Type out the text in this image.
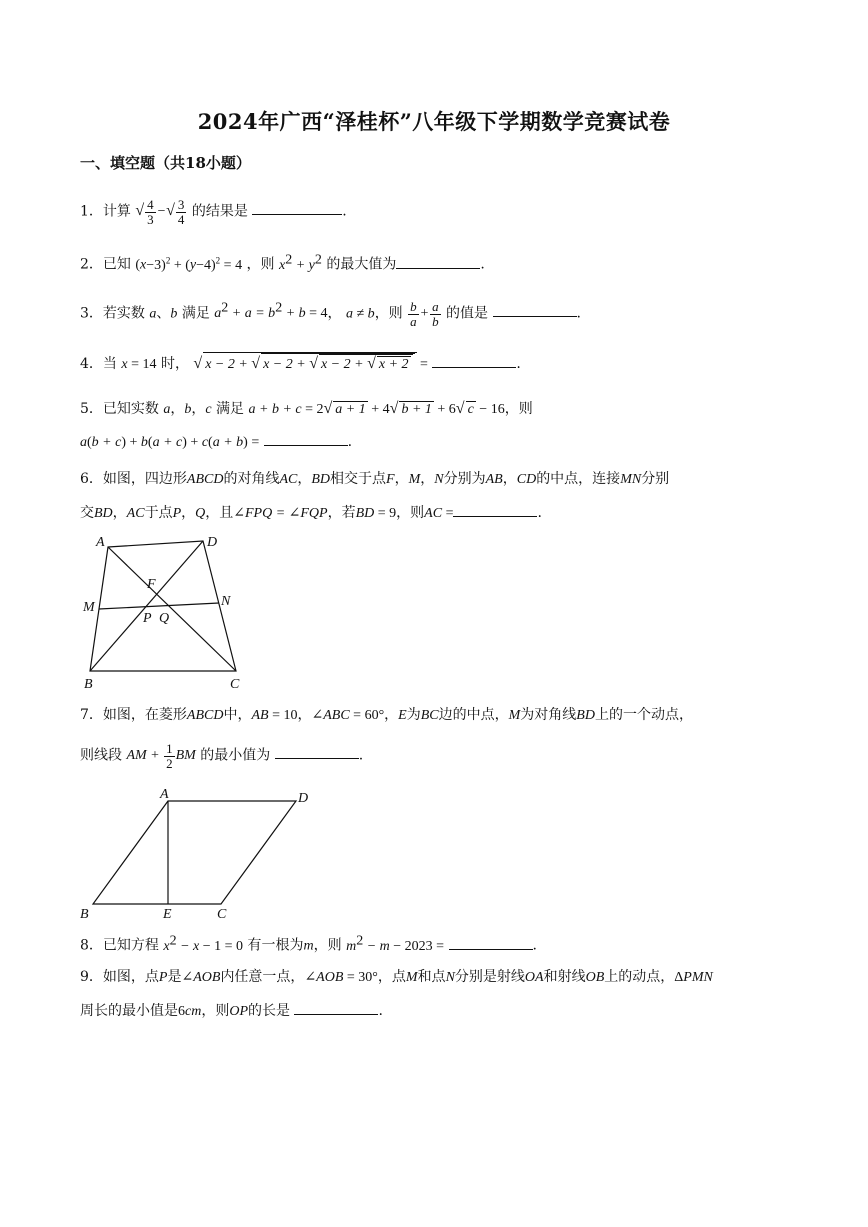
2024年广西“泽桂杯”八年级下学期数学竞赛试卷
一、填空题（共18小题）
1．计算 √ $\frac{4}{3}$ −√ $\frac{3}{4}$ 的结果是	.
2．已知 $(x-3)^2 + (y-4)^2 = 4$ ，则 $x^2 + y^2$ 的最大值为	.
3．若实数 a、b 满足 $a^2 + a = b^2 + b = 4$， a ≠ b，则 $\frac{b}{a} + \frac{a}{b}$ 的值是	.
4．当 x = 14 时， √ x − 2 + √ x − 2 + √ x − 2 + √ x + 2 =	.
5．已知实数 a，b，c 满足 a + b + c = 2√ a + 1 + 4√ b + 1 + 6√ c − 16，则
a(b + c) + b(a + c) + c(a + b) =	.
6．如图，四边形ABCD的对角线AC，BD相交于点F，M，N分别为AB，CD的中点，连接MN分别
交BD，AC于点P，Q，且∠FPQ = ∠FQP，若BD = 9，则AC =	.
A	D
F
M	N
P Q
B	C
7．如图，在菱形ABCD中，AB = 10，∠ABC = 60°，E为BC边的中点，M为对角线BD上的一个动点，
则线段 AM + $\frac{1}{2}$ BM 的最小值为	.
A	D
B	E	C
8．已知方程 $x^2 - x - 1 = 0$ 有一根为m，则 $m^2 - m - 2023$ =	.
9．如图，点P是∠AOB内任意一点，∠AOB = 30°，点M和点N分别是射线OA和射线OB上的动点，ΔPMN
周长的最小值是6cm，则OP的长是	.
